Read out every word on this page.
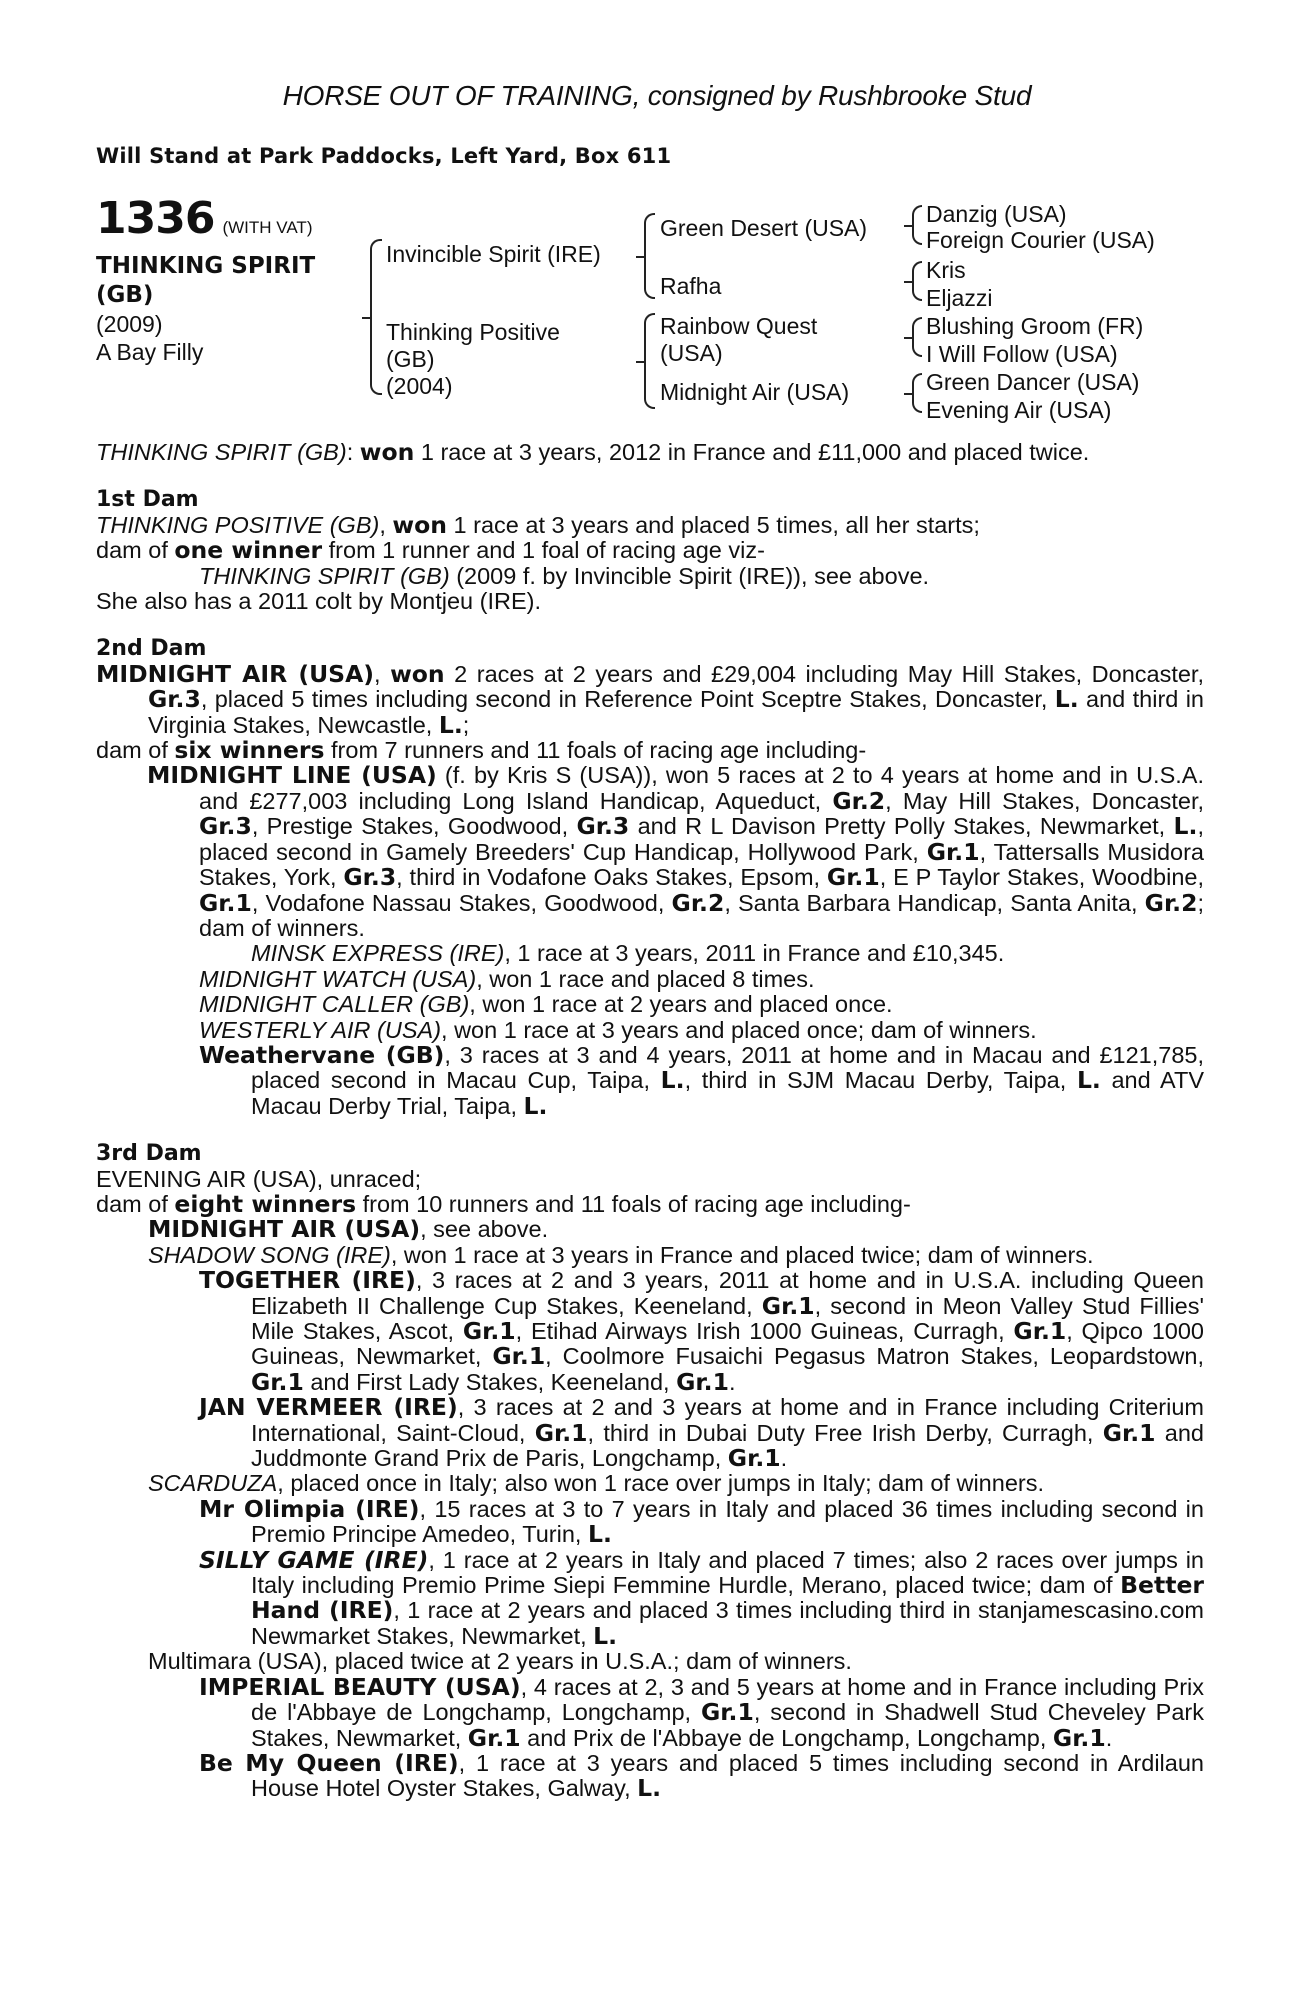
HORSE OUT OF TRAINING, consigned by Rushbrooke Stud
Will Stand at Park Paddocks, Left Yard, Box 611
1336 (WITH VAT)
THINKING SPIRIT
(GB)
(2009)
A Bay Filly
Invincible Spirit (IRE)
Thinking Positive
(GB)
(2004)
Green Desert (USA)
Rafha
Rainbow Quest
(USA)
Midnight Air (USA)
Danzig (USA)
Foreign Courier (USA)
Kris
Eljazzi
Blushing Groom (FR)
I Will Follow (USA)
Green Dancer (USA)
Evening Air (USA)

THINKING SPIRIT (GB): won 1 race at 3 years, 2012 in France and £11,000 and placed twice.

1st Dam

THINKING POSITIVE (GB), won 1 race at 3 years and placed 5 times, all her starts;

dam of one winner from 1 runner and 1 foal of racing age viz-

THINKING SPIRIT (GB) (2009 f. by Invincible Spirit (IRE)), see above.

She also has a 2011 colt by Montjeu (IRE).

2nd Dam

MIDNIGHT AIR (USA), won 2 races at 2 years and £29,004 including May Hill Stakes, Doncaster, Gr.3, placed 5 times including second in Reference Point Sceptre Stakes, Doncaster, L. and third in Virginia Stakes, Newcastle, L.;

dam of six winners from 7 runners and 11 foals of racing age including-

MIDNIGHT LINE (USA) (f. by Kris S (USA)), won 5 races at 2 to 4 years at home and in U.S.A. and £277,003 including Long Island Handicap, Aqueduct, Gr.2, May Hill Stakes, Doncaster, Gr.3, Prestige Stakes, Goodwood, Gr.3 and R L Davison Pretty Polly Stakes, Newmarket, L., placed second in Gamely Breeders' Cup Handicap, Hollywood Park, Gr.1, Tattersalls Musidora Stakes, York, Gr.3, third in Vodafone Oaks Stakes, Epsom, Gr.1, E P Taylor Stakes, Woodbine, Gr.1, Vodafone Nassau Stakes, Goodwood, Gr.2, Santa Barbara Handicap, Santa Anita, Gr.2; dam of winners.

MINSK EXPRESS (IRE), 1 race at 3 years, 2011 in France and £10,345.

MIDNIGHT WATCH (USA), won 1 race and placed 8 times.

MIDNIGHT CALLER (GB), won 1 race at 2 years and placed once.

WESTERLY AIR (USA), won 1 race at 3 years and placed once; dam of winners.

Weathervane (GB), 3 races at 3 and 4 years, 2011 at home and in Macau and £121,785, placed second in Macau Cup, Taipa, L., third in SJM Macau Derby, Taipa, L. and ATV Macau Derby Trial, Taipa, L.

3rd Dam

EVENING AIR (USA), unraced;

dam of eight winners from 10 runners and 11 foals of racing age including-

MIDNIGHT AIR (USA), see above.

SHADOW SONG (IRE), won 1 race at 3 years in France and placed twice; dam of winners.

TOGETHER (IRE), 3 races at 2 and 3 years, 2011 at home and in U.S.A. including Queen Elizabeth II Challenge Cup Stakes, Keeneland, Gr.1, second in Meon Valley Stud Fillies' Mile Stakes, Ascot, Gr.1, Etihad Airways Irish 1000 Guineas, Curragh, Gr.1, Qipco 1000 Guineas, Newmarket, Gr.1, Coolmore Fusaichi Pegasus Matron Stakes, Leopardstown, Gr.1 and First Lady Stakes, Keeneland, Gr.1.

JAN VERMEER (IRE), 3 races at 2 and 3 years at home and in France including Criterium International, Saint-Cloud, Gr.1, third in Dubai Duty Free Irish Derby, Curragh, Gr.1 and Juddmonte Grand Prix de Paris, Longchamp, Gr.1.

SCARDUZA, placed once in Italy; also won 1 race over jumps in Italy; dam of winners.

Mr Olimpia (IRE), 15 races at 3 to 7 years in Italy and placed 36 times including second in Premio Principe Amedeo, Turin, L.

SILLY GAME (IRE), 1 race at 2 years in Italy and placed 7 times; also 2 races over jumps in Italy including Premio Prime Siepi Femmine Hurdle, Merano, placed twice; dam of Better Hand (IRE), 1 race at 2 years and placed 3 times including third in stanjamescasino.com Newmarket Stakes, Newmarket, L.

Multimara (USA), placed twice at 2 years in U.S.A.; dam of winners.

IMPERIAL BEAUTY (USA), 4 races at 2, 3 and 5 years at home and in France including Prix de l'Abbaye de Longchamp, Longchamp, Gr.1, second in Shadwell Stud Cheveley Park Stakes, Newmarket, Gr.1 and Prix de l'Abbaye de Longchamp, Longchamp, Gr.1.

Be My Queen (IRE), 1 race at 3 years and placed 5 times including second in Ardilaun House Hotel Oyster Stakes, Galway, L.
